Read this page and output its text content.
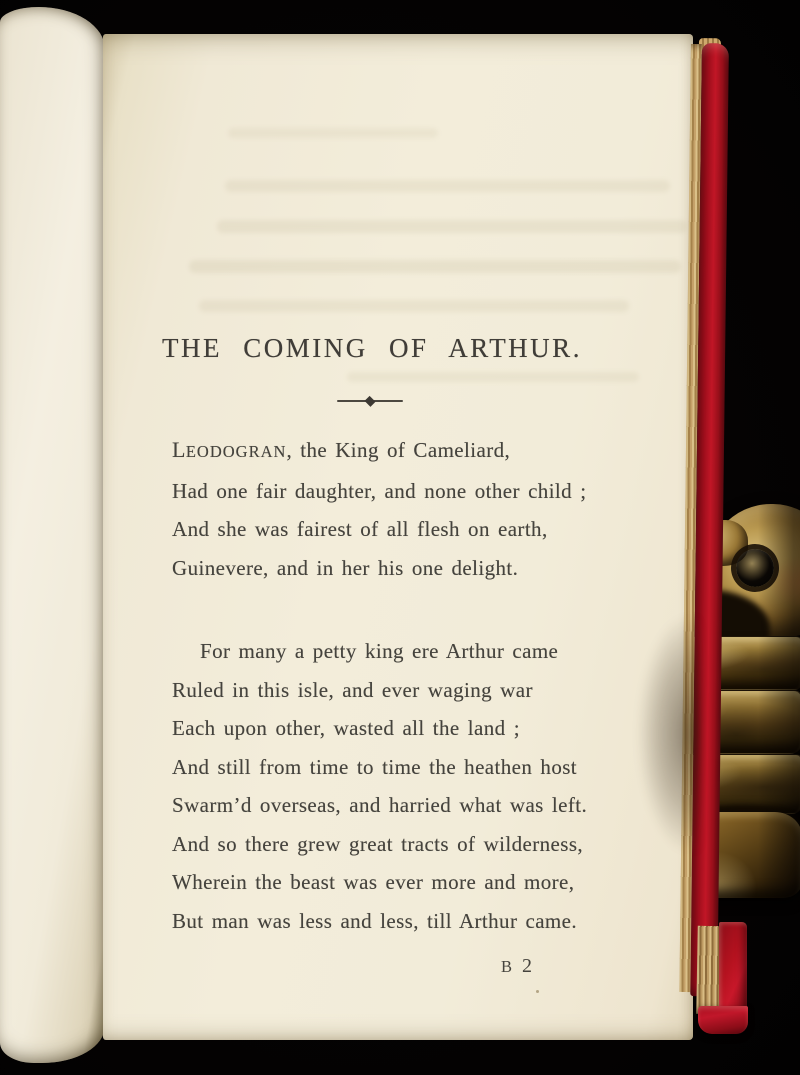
THE COMING OF ARTHUR.
LEODOGRAN, the King of Cameliard,
Had one fair daughter, and none other child ;
And she was fairest of all flesh on earth,
Guinevere, and in her his one delight.
For many a petty king ere Arthur came
Ruled in this isle, and ever waging war
Each upon other, wasted all the land ;
And still from time to time the heathen host
Swarm’d overseas, and harried what was left.
And so there grew great tracts of wilderness,
Wherein the beast was ever more and more,
But man was less and less, till Arthur came.
B 2
